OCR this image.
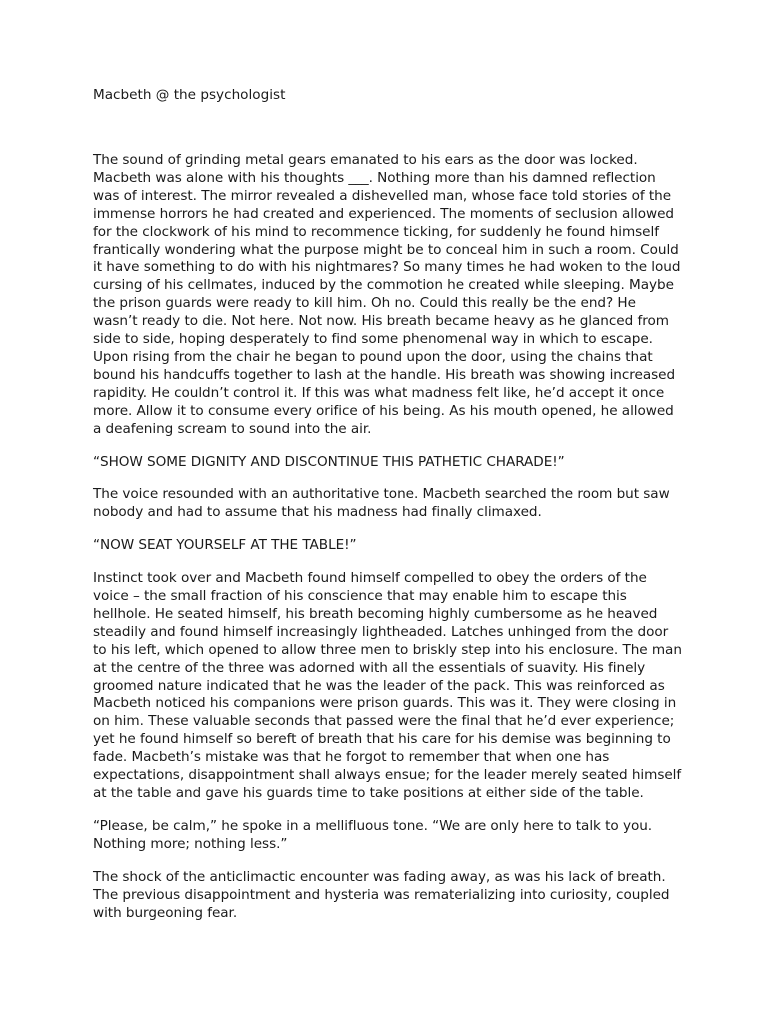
Macbeth @ the psychologist

The sound of grinding metal gears emanated to his ears as the door was locked. Macbeth was alone with his thoughts ___. Nothing more than his damned reflection was of interest. The mirror revealed a dishevelled man, whose face told stories of the immense horrors he had created and experienced. The moments of seclusion allowed for the clockwork of his mind to recommence ticking, for suddenly he found himself frantically wondering what the purpose might be to conceal him in such a room. Could it have something to do with his nightmares? So many times he had woken to the loud cursing of his cellmates, induced by the commotion he created while sleeping. Maybe the prison guards were ready to kill him. Oh no. Could this really be the end? He wasn’t ready to die. Not here. Not now. His breath became heavy as he glanced from side to side, hoping desperately to find some phenomenal way in which to escape. Upon rising from the chair he began to pound upon the door, using the chains that bound his handcuffs together to lash at the handle. His breath was showing increased rapidity. He couldn’t control it. If this was what madness felt like, he’d accept it once more. Allow it to consume every orifice of his being. As his mouth opened, he allowed a deafening scream to sound into the air.

“SHOW SOME DIGNITY AND DISCONTINUE THIS PATHETIC CHARADE!”

The voice resounded with an authoritative tone. Macbeth searched the room but saw nobody and had to assume that his madness had finally climaxed.

“NOW SEAT YOURSELF AT THE TABLE!”

Instinct took over and Macbeth found himself compelled to obey the orders of the voice – the small fraction of his conscience that may enable him to escape this hellhole. He seated himself, his breath becoming highly cumbersome as he heaved steadily and found himself increasingly lightheaded. Latches unhinged from the door to his left, which opened to allow three men to briskly step into his enclosure. The man at the centre of the three was adorned with all the essentials of suavity. His finely groomed nature indicated that he was the leader of the pack. This was reinforced as Macbeth noticed his companions were prison guards. This was it. They were closing in on him. These valuable seconds that passed were the final that he’d ever experience; yet he found himself so bereft of breath that his care for his demise was beginning to fade. Macbeth’s mistake was that he forgot to remember that when one has expectations, disappointment shall always ensue; for the leader merely seated himself at the table and gave his guards time to take positions at either side of the table.

“Please, be calm,” he spoke in a mellifluous tone. “We are only here to talk to you. Nothing more; nothing less.”

The shock of the anticlimactic encounter was fading away, as was his lack of breath. The previous disappointment and hysteria was rematerializing into curiosity, coupled with burgeoning fear.
